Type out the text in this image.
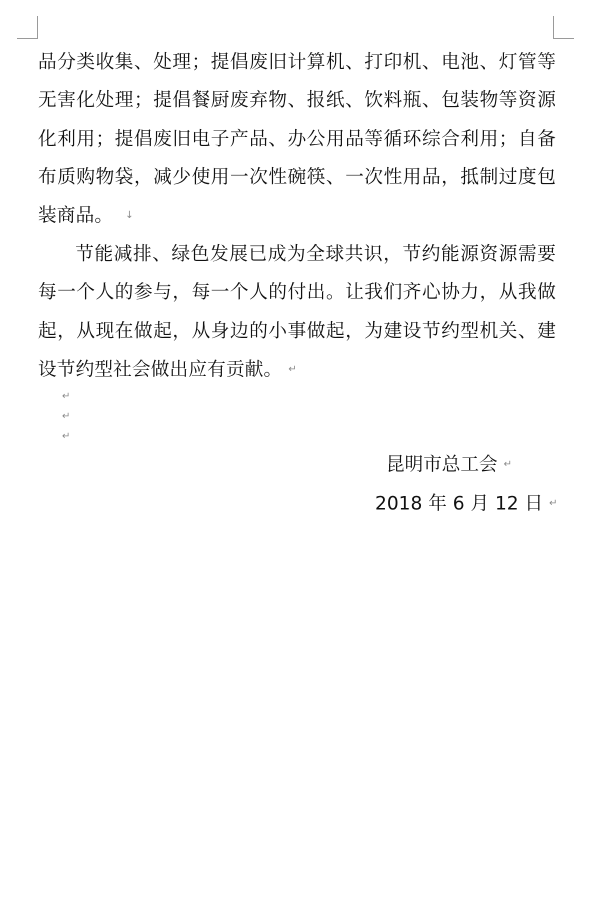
品分类收集、处理；提倡废旧计算机、打印机、电池、灯管等无害化处理；提倡餐厨废弃物、报纸、饮料瓶、包装物等资源化利用；提倡废旧电子产品、办公用品等循环综合利用；自备布质购物袋，减少使用一次性碗筷、一次性用品，抵制过度包装商品。 ↓

节能减排、绿色发展已成为全球共识，节约能源资源需要每一个人的参与，每一个人的付出。让我们齐心协力，从我做起，从现在做起，从身边的小事做起，为建设节约型机关、建设节约型社会做出应有贡献。 ↵

↵
↵
↵
昆明市总工会 ↵
2018 年 6 月 12 日 ↵
